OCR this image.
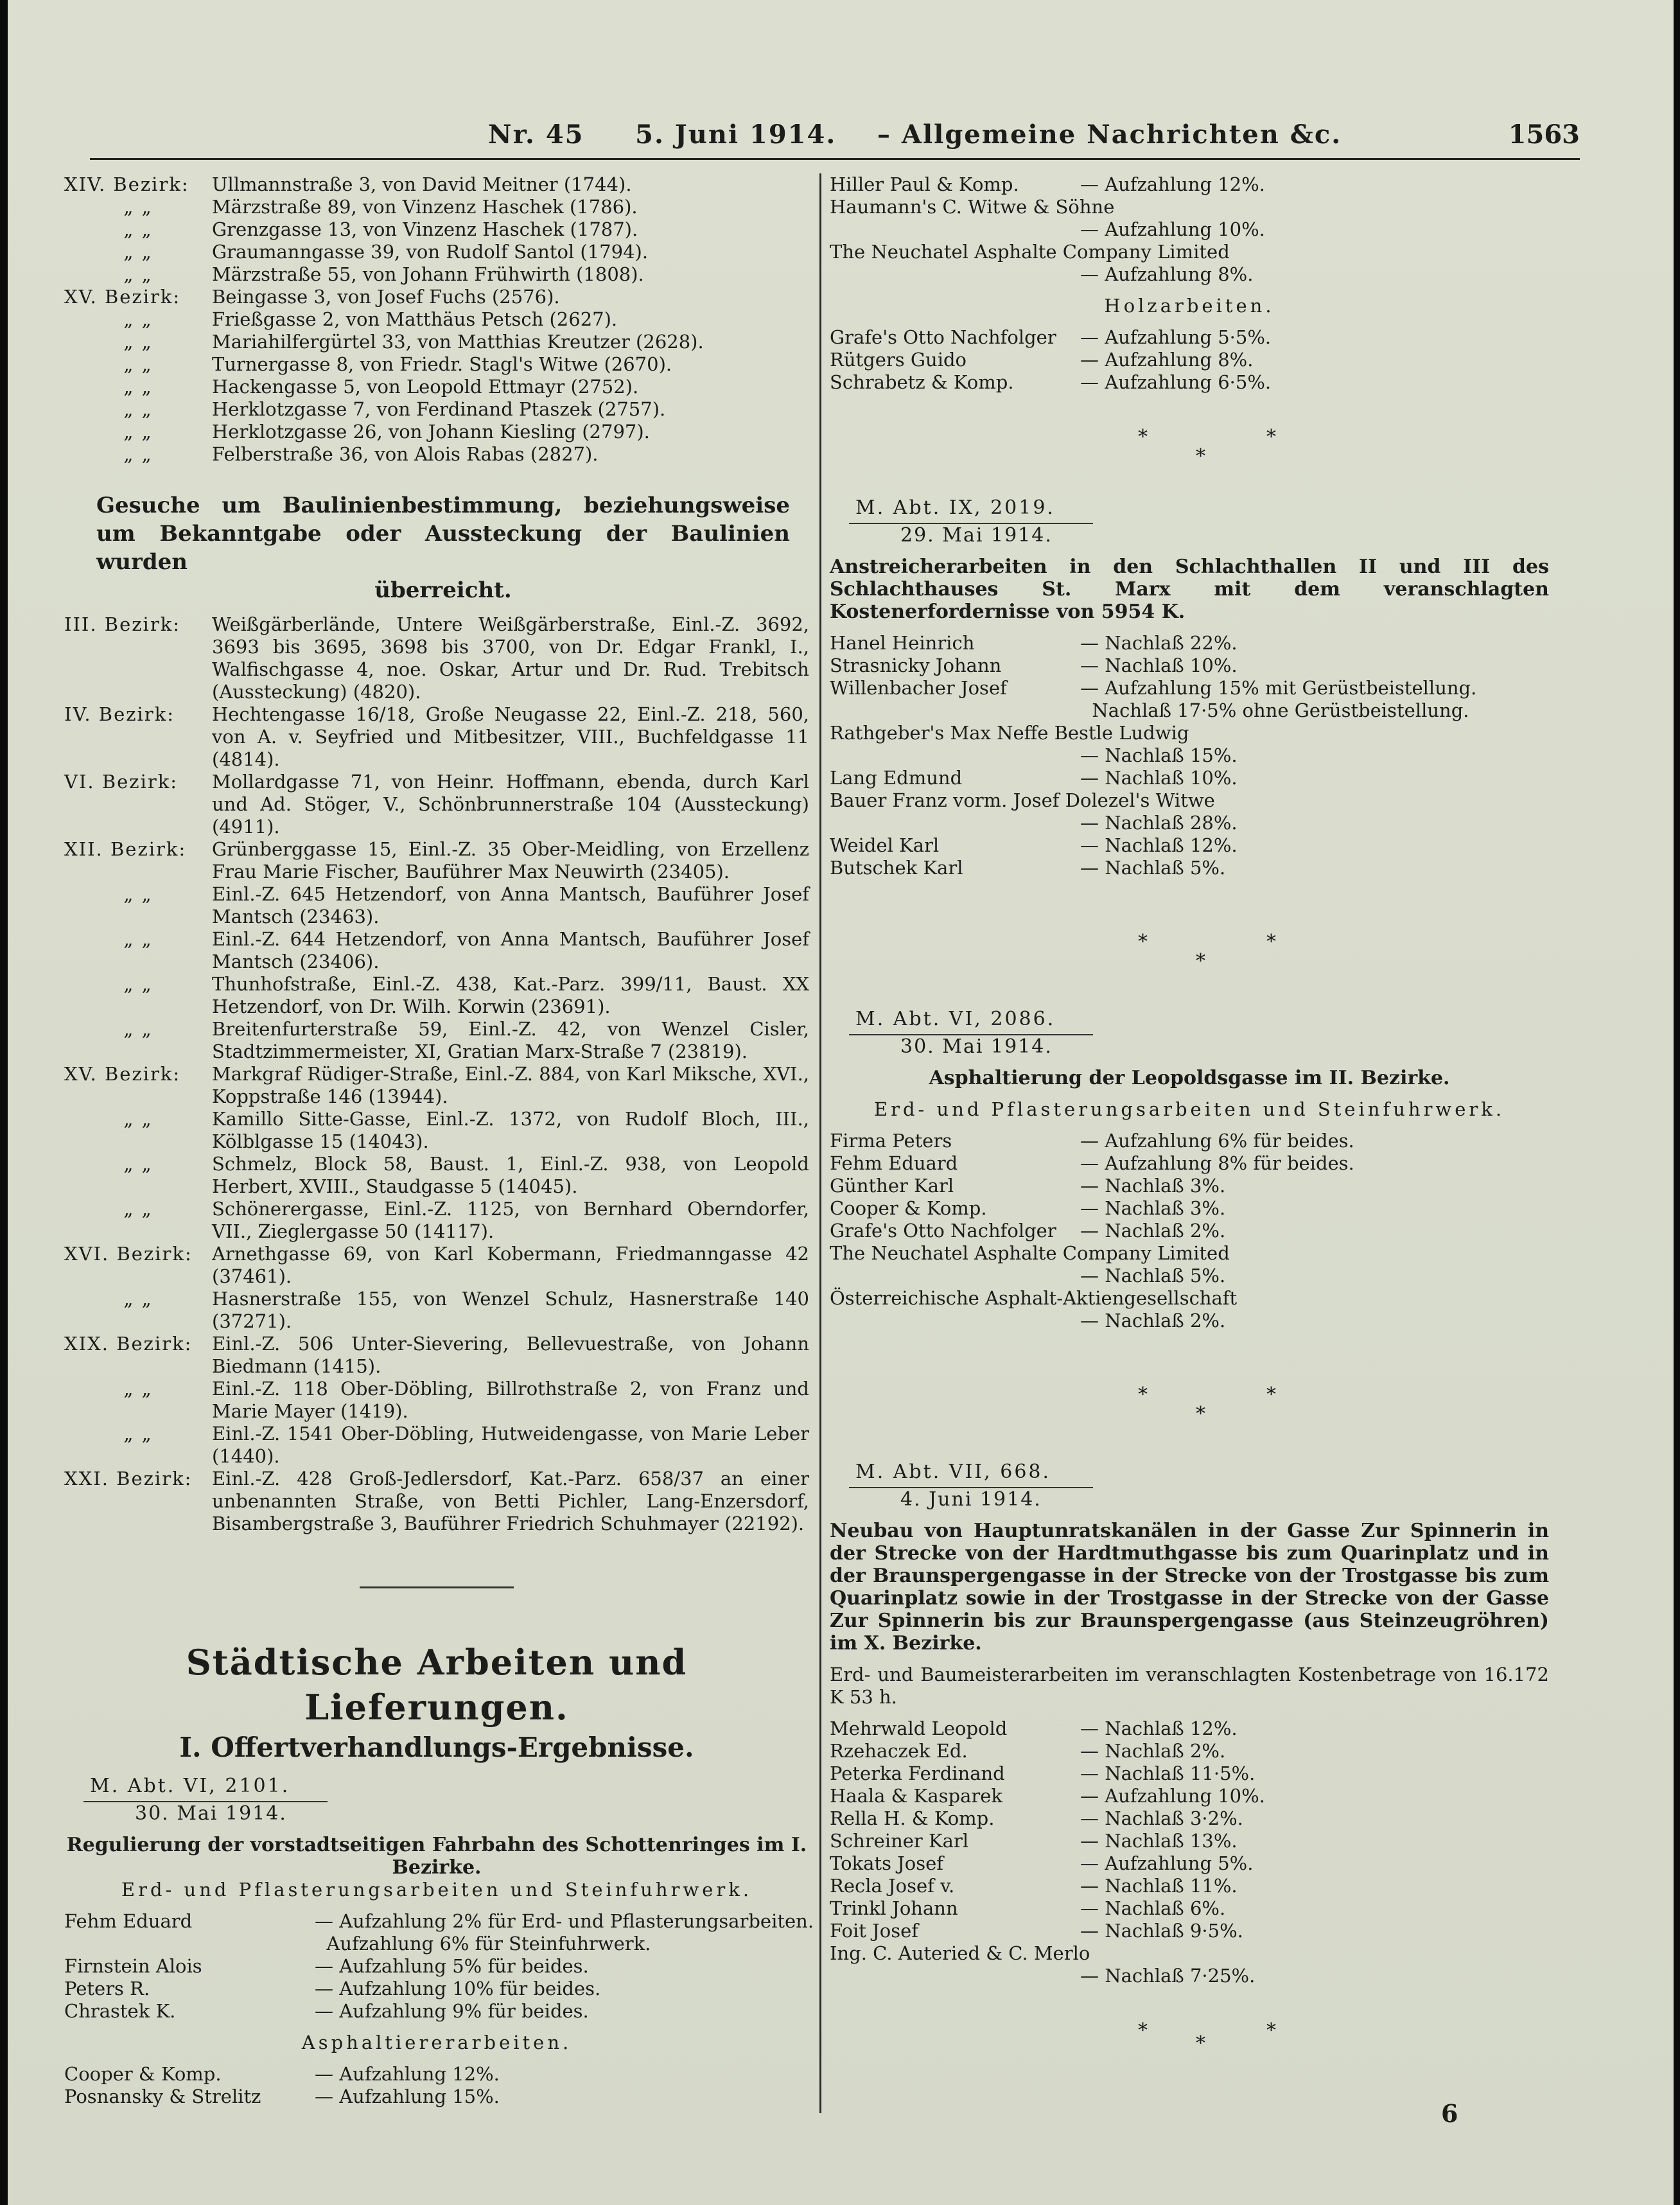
Nr. 45 5. Juni 1914. – Allgemeine Nachrichten &c.	1563
XIV. Bezirk:	Ullmannstraße 3, von David Meitner (1744).
„ „	Märzstraße 89, von Vinzenz Haschek (1786).
„ „	Grenzgasse 13, von Vinzenz Haschek (1787).
„ „	Graumanngasse 39, von Rudolf Santol (1794).
„ „	Märzstraße 55, von Johann Frühwirth (1808).
XV. Bezirk:	Beingasse 3, von Josef Fuchs (2576).
„ „	Frießgasse 2, von Matthäus Petsch (2627).
„ „	Mariahilfergürtel 33, von Matthias Kreutzer (2628).
„ „	Turnergasse 8, von Friedr. Stagl's Witwe (2670).
„ „	Hackengasse 5, von Leopold Ettmayr (2752).
„ „	Herklotzgasse 7, von Ferdinand Ptaszek (2757).
„ „	Herklotzgasse 26, von Johann Kiesling (2797).
„ „	Felberstraße 36, von Alois Rabas (2827).
Gesuche um Baulinienbestimmung, beziehungsweise um Bekanntgabe oder Aussteckung der Baulinien wurden
überreicht.
III. Bezirk:	Weißgärberlände, Untere Weißgärberstraße, Einl.-Z. 3692, 3693 bis 3695, 3698 bis 3700, von Dr. Edgar Frankl, I., Walfischgasse 4, noe. Oskar, Artur und Dr. Rud. Trebitsch (Aussteckung) (4820).
IV. Bezirk:	Hechtengasse 16/18, Große Neugasse 22, Einl.-Z. 218, 560, von A. v. Seyfried und Mitbesitzer, VIII., Buchfeldgasse 11 (4814).
VI. Bezirk:	Mollardgasse 71, von Heinr. Hoffmann, ebenda, durch Karl und Ad. Stöger, V., Schönbrunnerstraße 104 (Aussteckung) (4911).
XII. Bezirk:	Grünberggasse 15, Einl.-Z. 35 Ober-Meidling, von Erzellenz Frau Marie Fischer, Bauführer Max Neuwirth (23405).
„ „	Einl.-Z. 645 Hetzendorf, von Anna Mantsch, Bauführer Josef Mantsch (23463).
„ „	Einl.-Z. 644 Hetzendorf, von Anna Mantsch, Bauführer Josef Mantsch (23406).
„ „	Thunhofstraße, Einl.-Z. 438, Kat.-Parz. 399/11, Baust. XX Hetzendorf, von Dr. Wilh. Korwin (23691).
„ „	Breitenfurterstraße 59, Einl.-Z. 42, von Wenzel Cisler, Stadtzimmermeister, XI, Gratian Marx-Straße 7 (23819).
XV. Bezirk:	Markgraf Rüdiger-Straße, Einl.-Z. 884, von Karl Miksche, XVI., Koppstraße 146 (13944).
„ „	Kamillo Sitte-Gasse, Einl.-Z. 1372, von Rudolf Bloch, III., Kölblgasse 15 (14043).
„ „	Schmelz, Block 58, Baust. 1, Einl.-Z. 938, von Leopold Herbert, XVIII., Staudgasse 5 (14045).
„ „	Schönerergasse, Einl.-Z. 1125, von Bernhard Oberndorfer, VII., Zieglergasse 50 (14117).
XVI. Bezirk:	Arnethgasse 69, von Karl Kobermann, Friedmanngasse 42 (37461).
„ „	Hasnerstraße 155, von Wenzel Schulz, Hasnerstraße 140 (37271).
XIX. Bezirk:	Einl.-Z. 506 Unter-Sievering, Bellevuestraße, von Johann Biedmann (1415).
„ „	Einl.-Z. 118 Ober-Döbling, Billrothstraße 2, von Franz und Marie Mayer (1419).
„ „	Einl.-Z. 1541 Ober-Döbling, Hutweidengasse, von Marie Leber (1440).
XXI. Bezirk:	Einl.-Z. 428 Groß-Jedlersdorf, Kat.-Parz. 658/37 an einer unbenannten Straße, von Betti Pichler, Lang-Enzersdorf, Bisambergstraße 3, Bauführer Friedrich Schuhmayer (22192).
Städtische Arbeiten und Lieferungen.
I. Offertverhandlungs-Ergebnisse.
M. Abt. VI, 2101.
30. Mai 1914.
Regulierung der vorstadtseitigen Fahrbahn des Schottenringes im I. Bezirke.
Erd- und Pflasterungsarbeiten und Steinfuhrwerk.
Fehm Eduard	— Aufzahlung 2% für Erd- und Pflasterungsarbeiten.
Aufzahlung 6% für Steinfuhrwerk.
Firnstein Alois	— Aufzahlung 5% für beides.
Peters R.	— Aufzahlung 10% für beides.
Chrastek K.	— Aufzahlung 9% für beides.
Asphaltiererarbeiten.
Cooper & Komp.	— Aufzahlung 12%.
Posnansky & Strelitz	— Aufzahlung 15%.
Hiller Paul & Komp.	— Aufzahlung 12%.
Haumann's C. Witwe & Söhne
— Aufzahlung 10%.
The Neuchatel Asphalte Company Limited
— Aufzahlung 8%.
Holzarbeiten.
Grafe's Otto Nachfolger	— Aufzahlung 5·5%.
Rütgers Guido	— Aufzahlung 8%.
Schrabetz & Komp.	— Aufzahlung 6·5%.
*
*
*
M. Abt. IX, 2019.
29. Mai 1914.
Anstreicherarbeiten in den Schlachthallen II und III des Schlachthauses St. Marx mit dem veranschlagten Kostenerfordernisse von 5954 K.
Hanel Heinrich	— Nachlaß 22%.
Strasnicky Johann	— Nachlaß 10%.
Willenbacher Josef	— Aufzahlung 15% mit Gerüstbeistellung.
Nachlaß 17·5% ohne Gerüstbeistellung.
Rathgeber's Max Neffe Bestle Ludwig
— Nachlaß 15%.
Lang Edmund	— Nachlaß 10%.
Bauer Franz vorm. Josef Dolezel's Witwe
— Nachlaß 28%.
Weidel Karl	— Nachlaß 12%.
Butschek Karl	— Nachlaß 5%.
*
*
*
M. Abt. VI, 2086.
30. Mai 1914.
Asphaltierung der Leopoldsgasse im II. Bezirke.
Erd- und Pflasterungsarbeiten und Steinfuhrwerk.
Firma Peters	— Aufzahlung 6% für beides.
Fehm Eduard	— Aufzahlung 8% für beides.
Günther Karl	— Nachlaß 3%.
Cooper & Komp.	— Nachlaß 3%.
Grafe's Otto Nachfolger	— Nachlaß 2%.
The Neuchatel Asphalte Company Limited
— Nachlaß 5%.
Österreichische Asphalt-Aktiengesellschaft
— Nachlaß 2%.
*
*
*
M. Abt. VII, 668.
4. Juni 1914.
Neubau von Hauptunratskanälen in der Gasse Zur Spinnerin in der Strecke von der Hardtmuthgasse bis zum Quarinplatz und in der Braunspergengasse in der Strecke von der Trostgasse bis zum Quarinplatz sowie in der Trostgasse in der Strecke von der Gasse Zur Spinnerin bis zur Braunspergengasse (aus Steinzeugröhren) im X. Bezirke.
Erd- und Baumeisterarbeiten im veranschlagten Kostenbetrage von 16.172 K 53 h.
Mehrwald Leopold	— Nachlaß 12%.
Rzehaczek Ed.	— Nachlaß 2%.
Peterka Ferdinand	— Nachlaß 11·5%.
Haala & Kasparek	— Aufzahlung 10%.
Rella H. & Komp.	— Nachlaß 3·2%.
Schreiner Karl	— Nachlaß 13%.
Tokats Josef	— Aufzahlung 5%.
Recla Josef v.	— Nachlaß 11%.
Trinkl Johann	— Nachlaß 6%.
Foit Josef	— Nachlaß 9·5%.
Ing. C. Auteried & C. Merlo
— Nachlaß 7·25%.
*
*
*
6
